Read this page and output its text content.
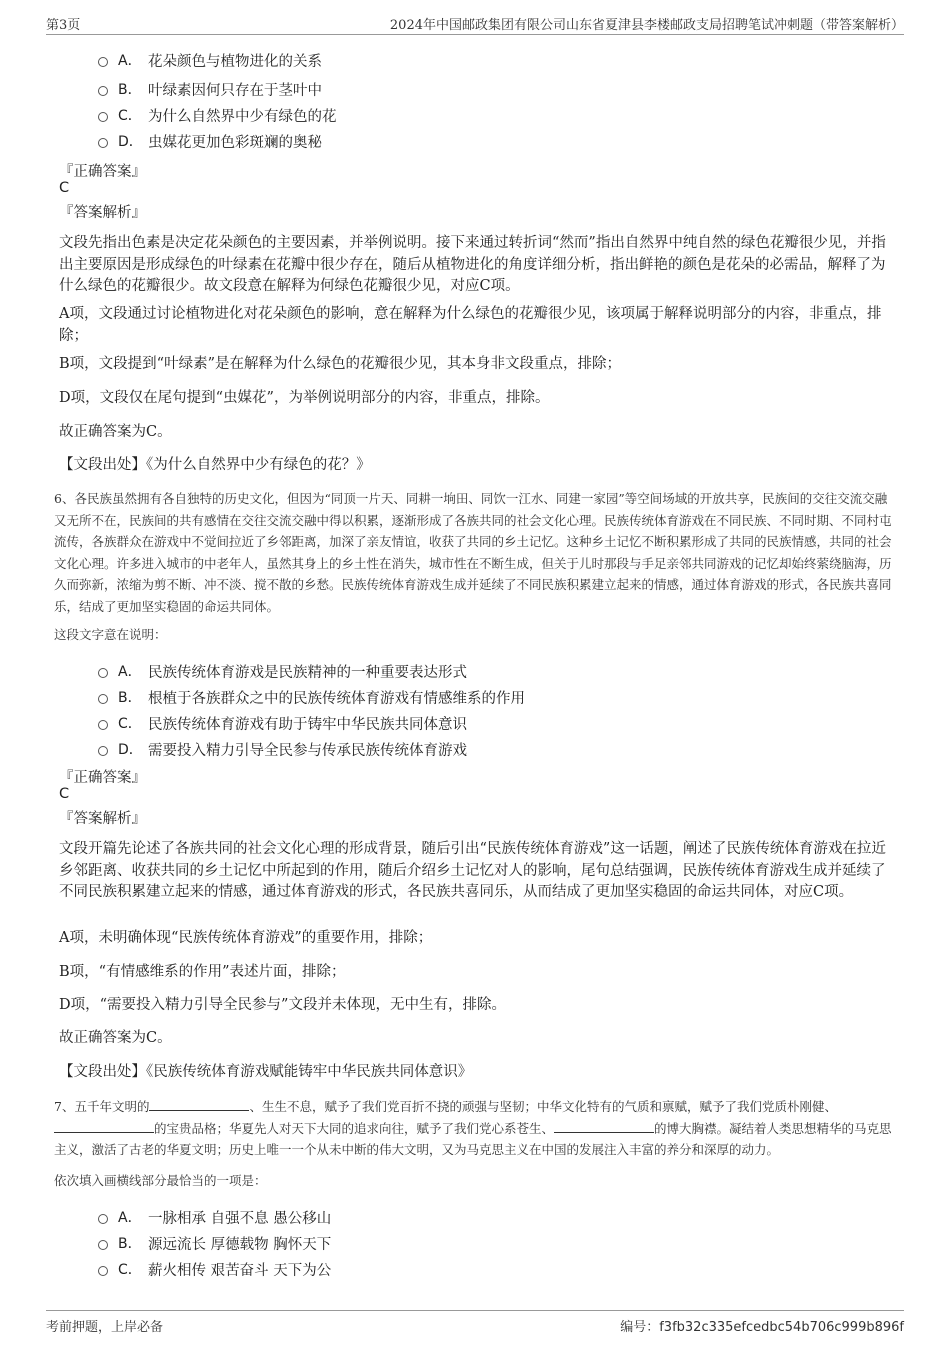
第3页	2024年中国邮政集团有限公司山东省夏津县李楼邮政支局招聘笔试冲刺题（带答案解析）
A． 花朵颜色与植物进化的关系
B． 叶绿素因何只存在于茎叶中
C． 为什么自然界中少有绿色的花
D． 虫媒花更加色彩斑斓的奥秘
『正确答案』
C
『答案解析』
文段先指出色素是决定花朵颜色的主要因素，并举例说明。接下来通过转折词“然而”指出自然界中纯自然的绿色花瓣很少见，并指出主要原因是形成绿色的叶绿素在花瓣中很少存在，随后从植物进化的角度详细分析，指出鲜艳的颜色是花朵的必需品，解释了为什么绿色的花瓣很少。故文段意在解释为何绿色花瓣很少见，对应C项。
A项，文段通过讨论植物进化对花朵颜色的影响，意在解释为什么绿色的花瓣很少见，该项属于解释说明部分的内容，非重点，排除；
B项，文段提到“叶绿素”是在解释为什么绿色的花瓣很少见，其本身非文段重点，排除；
D项，文段仅在尾句提到“虫媒花”，为举例说明部分的内容，非重点，排除。
故正确答案为C。
【文段出处】《为什么自然界中少有绿色的花？》
6、各民族虽然拥有各自独特的历史文化，但因为“同顶一片天、同耕一垧田、同饮一江水、同建一家园”等空间场域的开放共享，民族间的交往交流交融又无所不在，民族间的共有感情在交往交流交融中得以积累，逐渐形成了各族共同的社会文化心理。民族传统体育游戏在不同民族、不同时期、不同村屯流传，各族群众在游戏中不觉间拉近了乡邻距离，加深了亲友情谊，收获了共同的乡土记忆。这种乡土记忆不断积累形成了共同的民族情感，共同的社会文化心理。许多进入城市的中老年人，虽然其身上的乡土性在消失，城市性在不断生成，但关于儿时那段与手足亲邻共同游戏的记忆却始终萦绕脑海，历久而弥新，浓缩为剪不断、冲不淡、搅不散的乡愁。民族传统体育游戏生成并延续了不同民族积累建立起来的情感，通过体育游戏的形式，各民族共喜同乐，结成了更加坚实稳固的命运共同体。
这段文字意在说明：
A． 民族传统体育游戏是民族精神的一种重要表达形式
B． 根植于各族群众之中的民族传统体育游戏有情感维系的作用
C． 民族传统体育游戏有助于铸牢中华民族共同体意识
D． 需要投入精力引导全民参与传承民族传统体育游戏
『正确答案』
C
『答案解析』
文段开篇先论述了各族共同的社会文化心理的形成背景，随后引出“民族传统体育游戏”这一话题，阐述了民族传统体育游戏在拉近乡邻距离、收获共同的乡土记忆中所起到的作用，随后介绍乡土记忆对人的影响，尾句总结强调，民族传统体育游戏生成并延续了不同民族积累建立起来的情感，通过体育游戏的形式，各民族共喜同乐，从而结成了更加坚实稳固的命运共同体，对应C项。
A项，未明确体现“民族传统体育游戏”的重要作用，排除；
B项，“有情感维系的作用”表述片面，排除；
D项，“需要投入精力引导全民参与”文段并未体现，无中生有，排除。
故正确答案为C。
【文段出处】《民族传统体育游戏赋能铸牢中华民族共同体意识》
7、五千年文明的	、生生不息，赋予了我们党百折不挠的顽强与坚韧；中华文化特有的气质和禀赋，赋予了我们党质朴刚健、的宝贵品格；华夏先人对天下大同的追求向往，赋予了我们党心系苍生、	的博大胸襟。凝结着人类思想精华的马克思主义，激活了古老的华夏文明；历史上唯一一个从未中断的伟大文明，又为马克思主义在中国的发展注入丰富的养分和深厚的动力。
依次填入画横线部分最恰当的一项是：
A． 一脉相承 自强不息 愚公移山
B． 源远流长 厚德载物 胸怀天下
C． 薪火相传 艰苦奋斗 天下为公
考前押题，上岸必备	编号：f3fb32c335efcedbc54b706c999b896f
